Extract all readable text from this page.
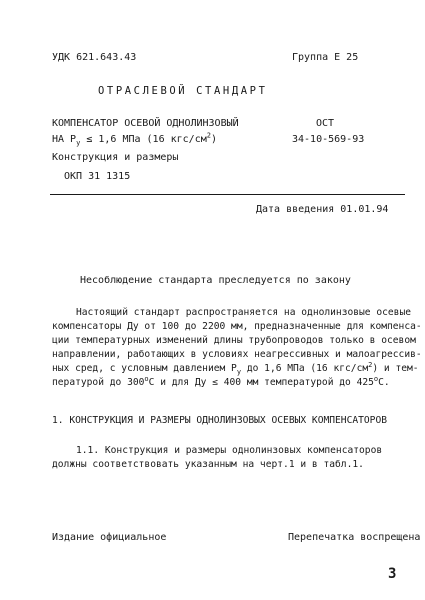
УДК 621.643.43	Группа Е 25
ОТРАСЛЕВОЙ СТАНДАРТ
КОМПЕНСАТОР ОСЕВОЙ ОДНОЛИНЗОВЫЙ
НА $Р_у \le 1,6$ МПа (16 кгс/$см^2$)
Конструкция и размеры
ОКП 31 1315
ОСТ
34-10-569-93
Дата введения 01.01.94
Несоблюдение стандарта преследуется по закону
Настоящий стандарт распространяется на однолинзовые осевые
компенсаторы Ду от 100 до 2200 мм, предназначенные для компенса-
ции температурных изменений длины трубопроводов только в осевом
направлении, работающих в условиях неагрессивных и малоагрессив-
ных сред, с условным давлением $Р_у$ до 1,6 МПа (16 кгс/$см^2$) и тем-
пературой до $300^оС$ и для Ду ≤ 400 мм температурой до $425^оС$.
1. КОНСТРУКЦИЯ И РАЗМЕРЫ ОДНОЛИНЗОВЫХ ОСЕВЫХ КОМПЕНСАТОРОВ
1.1. Конструкция и размеры однолинзовых компенсаторов
должны соответствовать указанным на черт.1 и в табл.1.
Издание официальное	Перепечатка воспрещена
3
